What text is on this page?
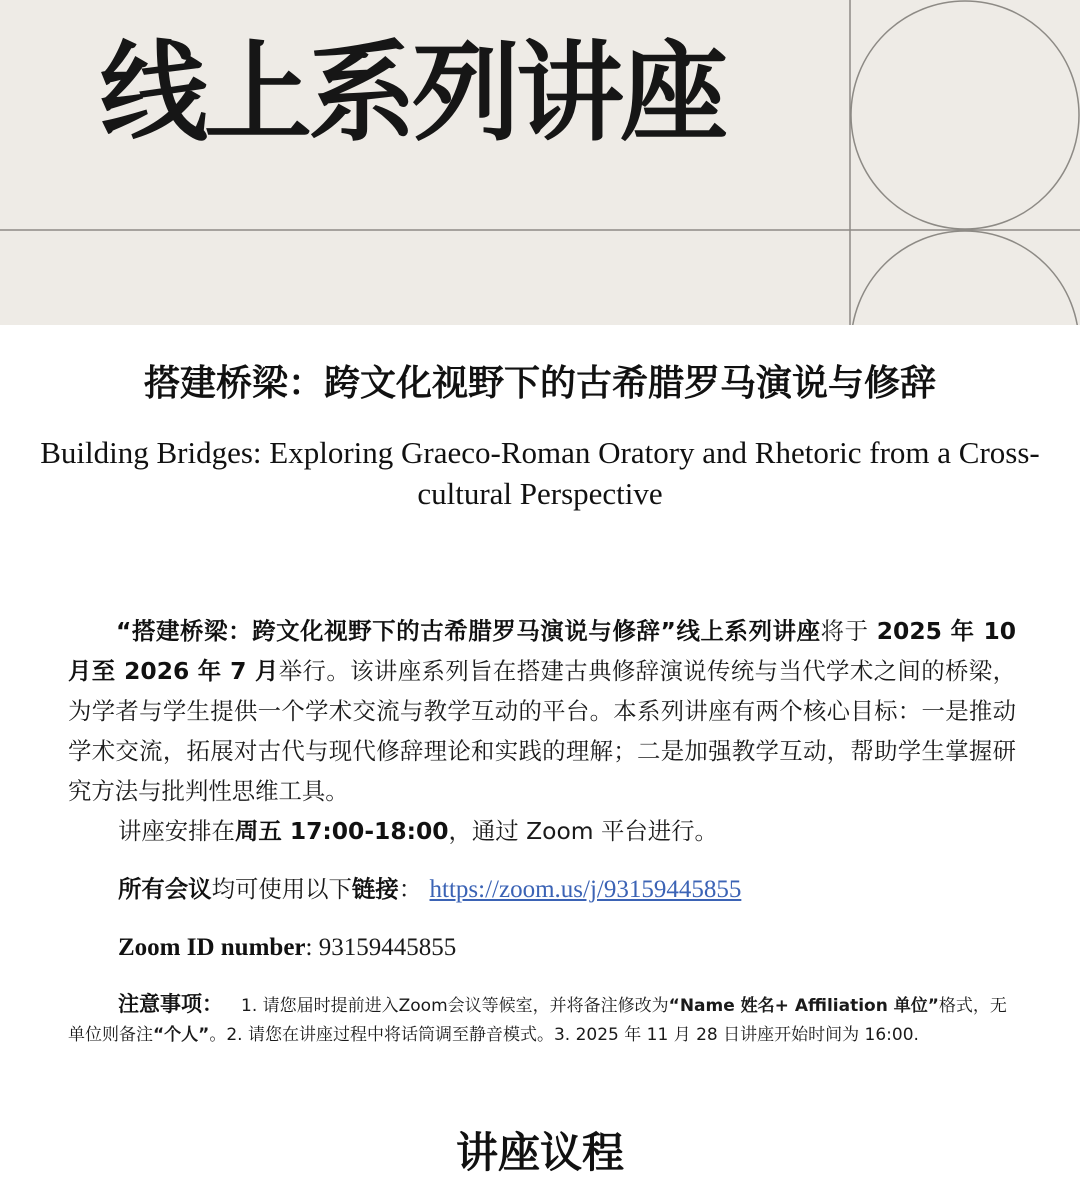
线上系列讲座
搭建桥梁：跨文化视野下的古希腊罗马演说与修辞
Building Bridges: Exploring Graeco-Roman Oratory and Rhetoric from a Cross-cultural Perspective

“搭建桥梁：跨文化视野下的古希腊罗马演说与修辞”线上系列讲座将于 2025 年 10 月至 2026 年 7 月举行。该讲座系列旨在搭建古典修辞演说传统与当代学术之间的桥梁，为学者与学生提供一个学术交流与教学互动的平台。本系列讲座有两个核心目标：一是推动学术交流，拓展对古代与现代修辞理论和实践的理解；二是加强教学互动，帮助学生掌握研究方法与批判性思维工具。

讲座安排在周五 17:00-18:00，通过 Zoom 平台进行。
所有会议均可使用以下链接： https://zoom.us/j/93159445855
Zoom ID number: 93159445855

注意事项： 1. 请您届时提前进入Zoom会议等候室，并将备注修改为“Name 姓名+ Affiliation 单位”格式，无单位则备注“个人”。2. 请您在讲座过程中将话筒调至静音模式。3. 2025 年 11 月 28 日讲座开始时间为 16:00.

讲座议程
